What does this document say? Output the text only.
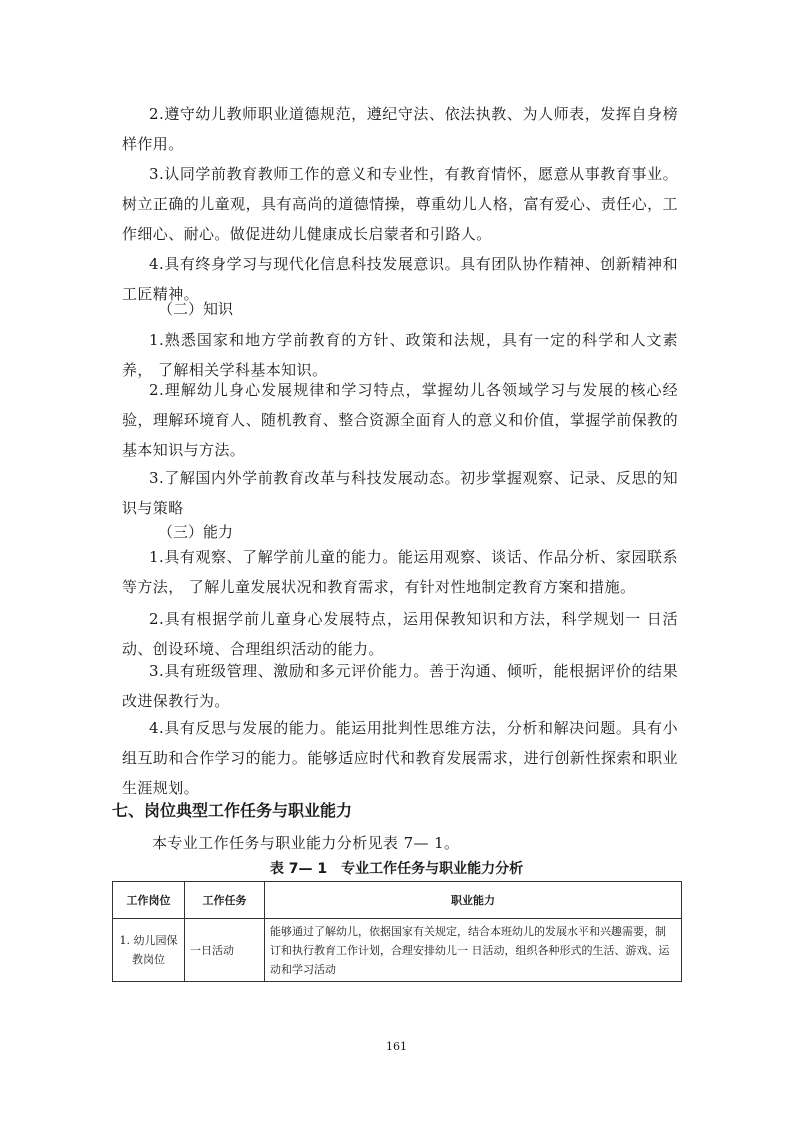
2.遵守幼儿教师职业道德规范，遵纪守法、依法执教、为人师表，发挥自身榜样作用。

3.认同学前教育教师工作的意义和专业性，有教育情怀，愿意从事教育事业。树立正确的儿童观，具有高尚的道德情操，尊重幼儿人格，富有爱心、责任心，工作细心、耐心。做促进幼儿健康成长启蒙者和引路人。

4.具有终身学习与现代化信息科技发展意识。具有团队协作精神、创新精神和工匠精神。

（二）知识

1.熟悉国家和地方学前教育的方针、政策和法规，具有一定的科学和人文素养， 了解相关学科基本知识。

2.理解幼儿身心发展规律和学习特点，掌握幼儿各领域学习与发展的核心经验，理解环境育人、随机教育、整合资源全面育人的意义和价值，掌握学前保教的基本知识与方法。

3.了解国内外学前教育改革与科技发展动态。初步掌握观察、记录、反思的知识与策略

（三）能力

1.具有观察、了解学前儿童的能力。能运用观察、谈话、作品分析、家园联系等方法， 了解儿童发展状况和教育需求，有针对性地制定教育方案和措施。

2.具有根据学前儿童身心发展特点，运用保教知识和方法，科学规划一 日活动、创设环境、合理组织活动的能力。

3.具有班级管理、激励和多元评价能力。善于沟通、倾听，能根据评价的结果改进保教行为。

4.具有反思与发展的能力。能运用批判性思维方法，分析和解决问题。具有小组互助和合作学习的能力。能够适应时代和教育发展需求，进行创新性探索和职业生涯规划。

七、岗位典型工作任务与职业能力

本专业工作任务与职业能力分析见表 7— 1。

表 7— 1　专业工作任务与职业能力分析
工作岗位	工作任务	职业能力
1. 幼儿园保教岗位	一日活动	能够通过了解幼儿，依据国家有关规定，结合本班幼儿的发展水平和兴趣需要，制订和执行教育工作计划，合理安排幼儿一 日活动，组织各种形式的生活、游戏、运动和学习活动
161
